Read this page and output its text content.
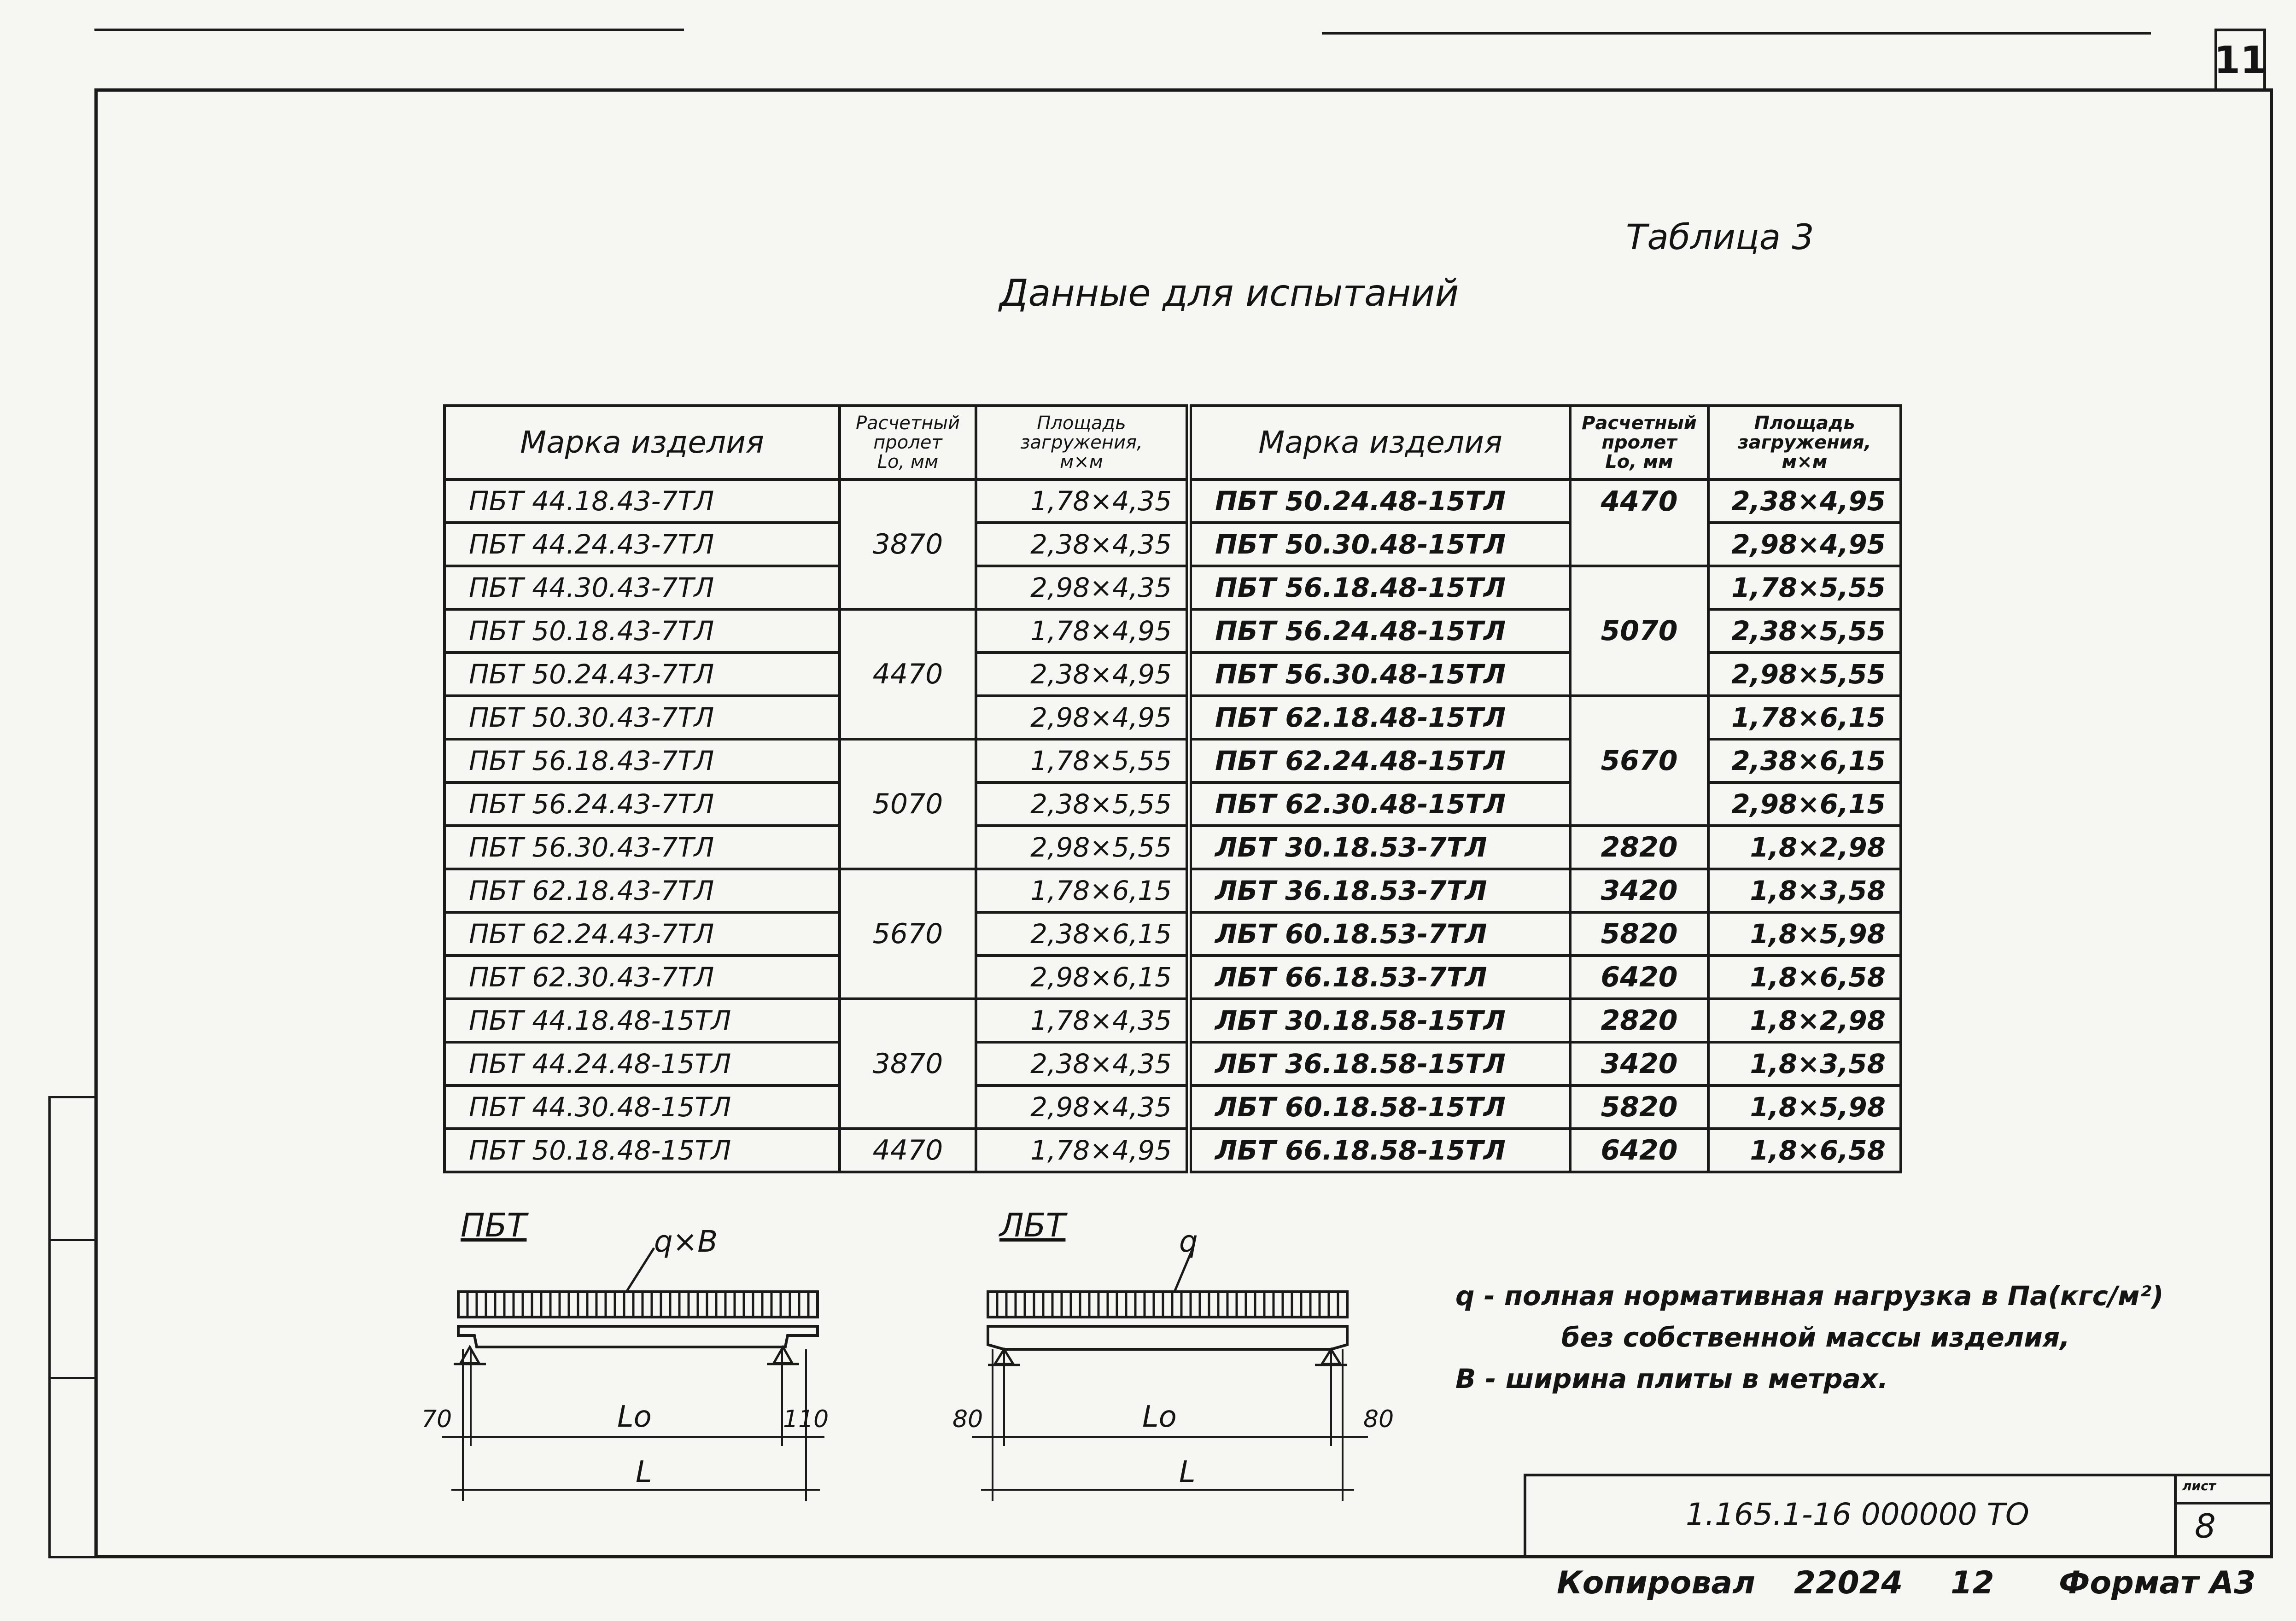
11
Таблица 3
Данные для испытаний
Марка изделия	Расчетный
пролет
Lo, мм	Площадь
загружения,
м×м	Марка изделия	Расчетный
пролет
Lo, мм	Площадь
загружения,
м×м
ПБТ 44.18.43-7ТЛ	3870	1,78×4,35	ПБТ 50.24.48-15ТЛ	4470	2,38×4,95
ПБТ 44.24.43-7ТЛ		2,38×4,35	ПБТ 50.30.48-15ТЛ		2,98×4,95
ПБТ 44.30.43-7ТЛ		2,98×4,35	ПБТ 56.18.48-15ТЛ	5070	1,78×5,55
ПБТ 50.18.43-7ТЛ	4470	1,78×4,95	ПБТ 56.24.48-15ТЛ		2,38×5,55
ПБТ 50.24.43-7ТЛ		2,38×4,95	ПБТ 56.30.48-15ТЛ		2,98×5,55
ПБТ 50.30.43-7ТЛ		2,98×4,95	ПБТ 62.18.48-15ТЛ	5670	1,78×6,15
ПБТ 56.18.43-7ТЛ	5070	1,78×5,55	ПБТ 62.24.48-15ТЛ		2,38×6,15
ПБТ 56.24.43-7ТЛ		2,38×5,55	ПБТ 62.30.48-15ТЛ		2,98×6,15
ПБТ 56.30.43-7ТЛ		2,98×5,55	ЛБТ 30.18.53-7ТЛ	2820	1,8×2,98
ПБТ 62.18.43-7ТЛ	5670	1,78×6,15	ЛБТ 36.18.53-7ТЛ	3420	1,8×3,58
ПБТ 62.24.43-7ТЛ		2,38×6,15	ЛБТ 60.18.53-7ТЛ	5820	1,8×5,98
ПБТ 62.30.43-7ТЛ		2,98×6,15	ЛБТ 66.18.53-7ТЛ	6420	1,8×6,58
ПБТ 44.18.48-15ТЛ	3870	1,78×4,35	ЛБТ 30.18.58-15ТЛ	2820	1,8×2,98
ПБТ 44.24.48-15ТЛ		2,38×4,35	ЛБТ 36.18.58-15ТЛ	3420	1,8×3,58
ПБТ 44.30.48-15ТЛ		2,98×4,35	ЛБТ 60.18.58-15ТЛ	5820	1,8×5,98
ПБТ 50.18.48-15ТЛ	4470	1,78×4,95	ЛБТ 66.18.58-15ТЛ	6420	1,8×6,58
ПБТ	q×B
70	Lo	110
L
ЛБТ	q
80	Lo	80
L
q - полная нормативная нагрузка в Па(кгс/м²)
без собственной массы изделия,
B - ширина плиты в метрах.
1.165.1-16 000000 ТО
лист
8
Копировал 22024 12 Формат А3
